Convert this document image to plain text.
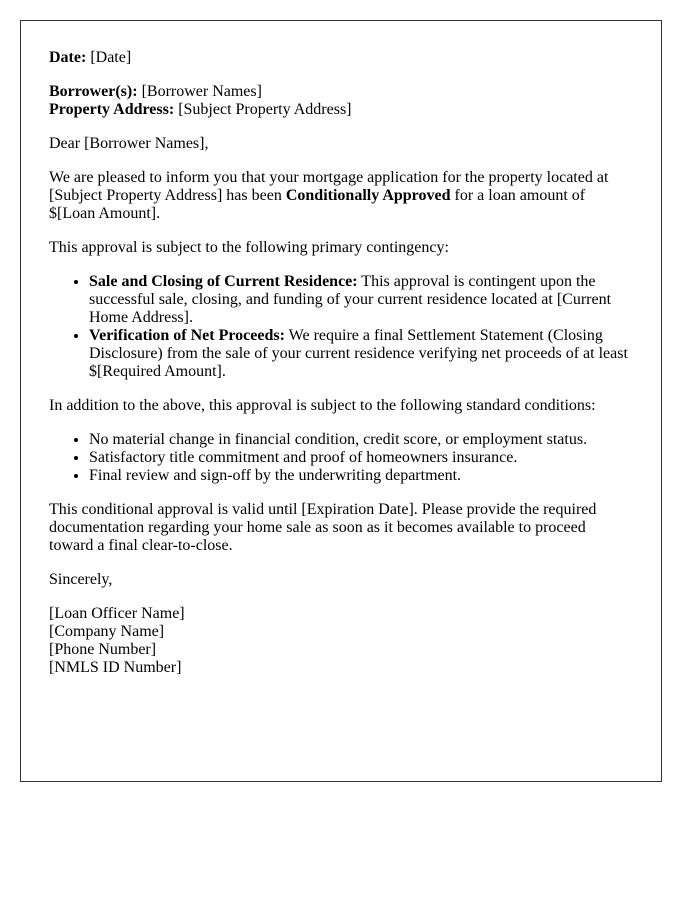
Date: [Date]

Borrower(s): [Borrower Names]
Property Address: [Subject Property Address]

Dear [Borrower Names],

We are pleased to inform you that your mortgage application for the property located at [Subject Property Address] has been Conditionally Approved for a loan amount of $[Loan Amount].

This approval is subject to the following primary contingency:

• Sale and Closing of Current Residence: This approval is contingent upon the successful sale, closing, and funding of your current residence located at [Current Home Address].
• Verification of Net Proceeds: We require a final Settlement Statement (Closing Disclosure) from the sale of your current residence verifying net proceeds of at least $[Required Amount].

In addition to the above, this approval is subject to the following standard conditions:

• No material change in financial condition, credit score, or employment status.
• Satisfactory title commitment and proof of homeowners insurance.
• Final review and sign-off by the underwriting department.

This conditional approval is valid until [Expiration Date]. Please provide the required documentation regarding your home sale as soon as it becomes available to proceed toward a final clear-to-close.

Sincerely,

[Loan Officer Name]
[Company Name]
[Phone Number]
[NMLS ID Number]
